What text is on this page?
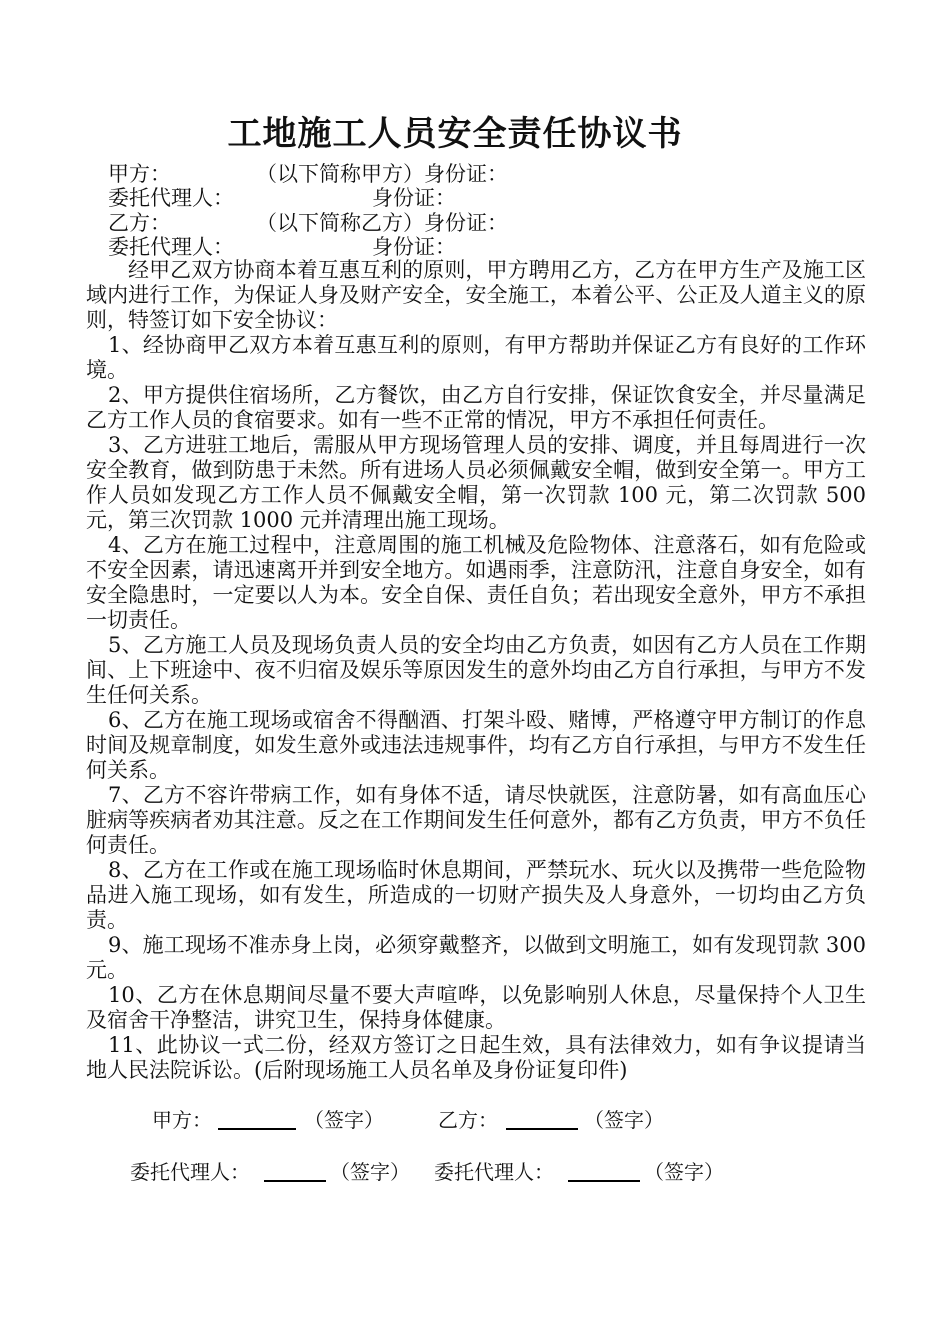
工地施工人员安全责任协议书
甲方：	（以下简称甲方）身份证：
委托代理人：	身份证：
乙方：	（以下简称乙方）身份证：
委托代理人：	身份证：

经甲乙双方协商本着互惠互利的原则，甲方聘用乙方，乙方在甲方生产及施工区域内进行工作，为保证人身及财产安全，安全施工，本着公平、公正及人道主义的原则，特签订如下安全协议：

1、经协商甲乙双方本着互惠互利的原则，有甲方帮助并保证乙方有良好的工作环境。

2、甲方提供住宿场所，乙方餐饮，由乙方自行安排，保证饮食安全，并尽量满足乙方工作人员的食宿要求。如有一些不正常的情况，甲方不承担任何责任。

3、乙方进驻工地后，需服从甲方现场管理人员的安排、调度，并且每周进行一次安全教育，做到防患于未然。所有进场人员必须佩戴安全帽，做到安全第一。甲方工作人员如发现乙方工作人员不佩戴安全帽，第一次罚款 100 元，第二次罚款 500 元，第三次罚款 1000 元并清理出施工现场。

4、乙方在施工过程中，注意周围的施工机械及危险物体、注意落石，如有危险或不安全因素，请迅速离开并到安全地方。如遇雨季，注意防汛，注意自身安全，如有安全隐患时，一定要以人为本。安全自保、责任自负；若出现安全意外，甲方不承担一切责任。

5、乙方施工人员及现场负责人员的安全均由乙方负责，如因有乙方人员在工作期间、上下班途中、夜不归宿及娱乐等原因发生的意外均由乙方自行承担，与甲方不发生任何关系。

6、乙方在施工现场或宿舍不得酗酒、打架斗殴、赌博，严格遵守甲方制订的作息时间及规章制度，如发生意外或违法违规事件，均有乙方自行承担，与甲方不发生任何关系。

7、乙方不容许带病工作，如有身体不适，请尽快就医，注意防暑，如有高血压心脏病等疾病者劝其注意。反之在工作期间发生任何意外，都有乙方负责，甲方不负任何责任。

8、乙方在工作或在施工现场临时休息期间，严禁玩水、玩火以及携带一些危险物品进入施工现场，如有发生，所造成的一切财产损失及人身意外，一切均由乙方负责。

9、施工现场不准赤身上岗，必须穿戴整齐，以做到文明施工，如有发现罚款 300 元。

10、乙方在休息期间尽量不要大声喧哗，以免影响别人休息，尽量保持个人卫生及宿舍干净整洁，讲究卫生，保持身体健康。

11、此协议一式二份，经双方签订之日起生效，具有法律效力，如有争议提请当地人民法院诉讼。(后附现场施工人员名单及身份证复印件)

甲方：	（签字）	乙方：	（签字）
委托代理人：	（签字） 委托代理人：	（签字）
